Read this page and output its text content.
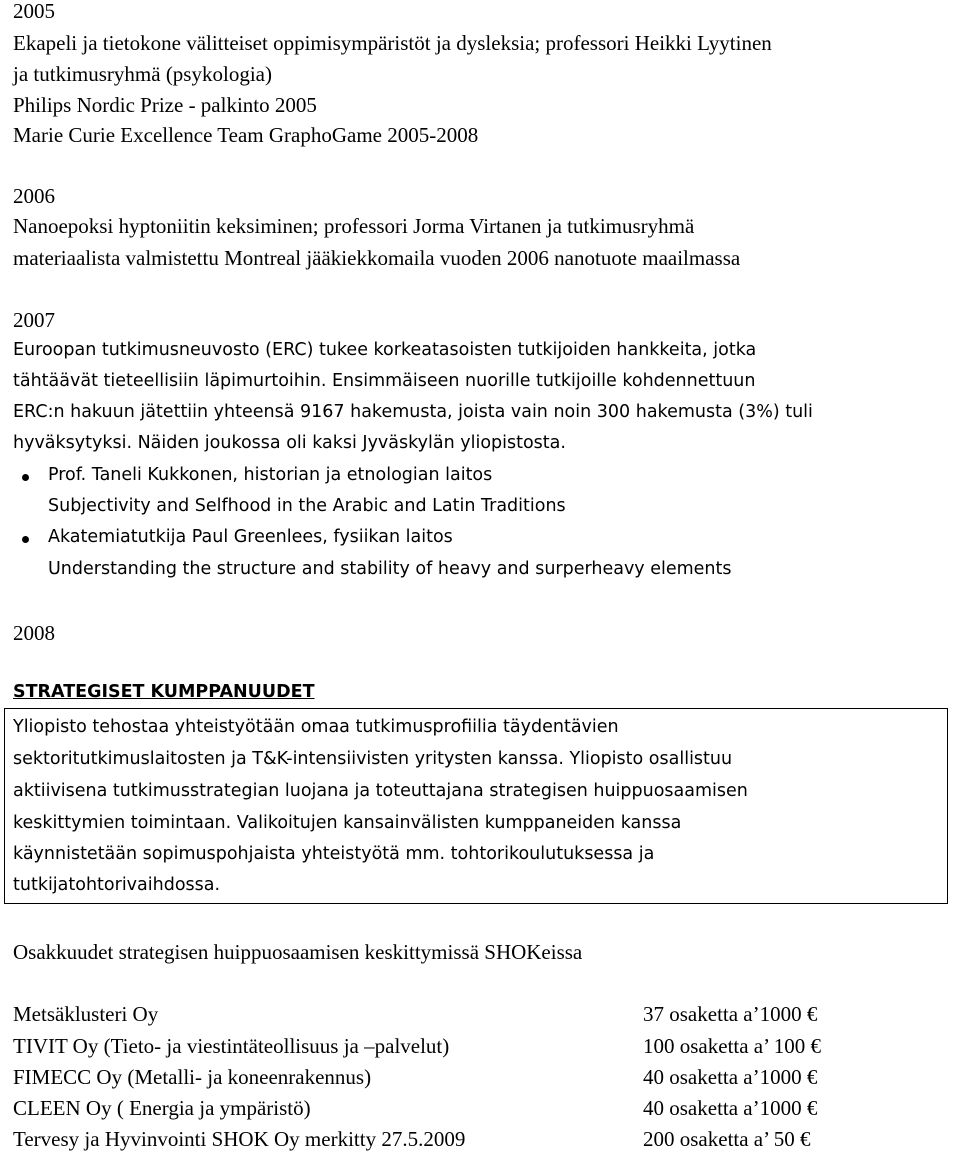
2005
Ekapeli ja tietokone välitteiset oppimisympäristöt ja dysleksia; professori Heikki Lyytinen
ja tutkimusryhmä (psykologia)
Philips Nordic Prize - palkinto 2005
Marie Curie Excellence Team GraphoGame 2005-2008
2006
Nanoepoksi hyptoniitin keksiminen; professori Jorma Virtanen ja tutkimusryhmä
materiaalista valmistettu Montreal jääkiekkomaila vuoden 2006 nanotuote maailmassa
2007
Euroopan tutkimusneuvosto (ERC) tukee korkeatasoisten tutkijoiden hankkeita, jotka
tähtäävät tieteellisiin läpimurtoihin. Ensimmäiseen nuorille tutkijoille kohdennettuun
ERC:n hakuun jätettiin yhteensä 9167 hakemusta, joista vain noin 300 hakemusta (3%) tuli
hyväksytyksi. Näiden joukossa oli kaksi Jyväskylän yliopistosta.
Prof. Taneli Kukkonen, historian ja etnologian laitos
Subjectivity and Selfhood in the Arabic and Latin Traditions
Akatemiatutkija Paul Greenlees, fysiikan laitos
Understanding the structure and stability of heavy and surperheavy elements
2008
STRATEGISET KUMPPANUUDET
Yliopisto tehostaa yhteistyötään omaa tutkimusprofiilia täydentävien
sektoritutkimuslaitosten ja T&K-intensiivisten yritysten kanssa. Yliopisto osallistuu
aktiivisena tutkimusstrategian luojana ja toteuttajana strategisen huippuosaamisen
keskittymien toimintaan. Valikoitujen kansainvälisten kumppaneiden kanssa
käynnistetään sopimuspohjaista yhteistyötä mm. tohtorikoulutuksessa ja
tutkijatohtorivaihdossa.
Osakkuudet strategisen huippuosaamisen keskittymissä SHOKeissa
Metsäklusteri Oy	37 osaketta a’1000 €
TIVIT Oy (Tieto- ja viestintäteollisuus ja –palvelut)	100 osaketta a’ 100 €
FIMECC Oy (Metalli- ja koneenrakennus)	40 osaketta a’1000 €
CLEEN Oy ( Energia ja ympäristö)	40 osaketta a’1000 €
Tervesy ja Hyvinvointi SHOK Oy merkitty 27.5.2009	200 osaketta a’ 50 €
